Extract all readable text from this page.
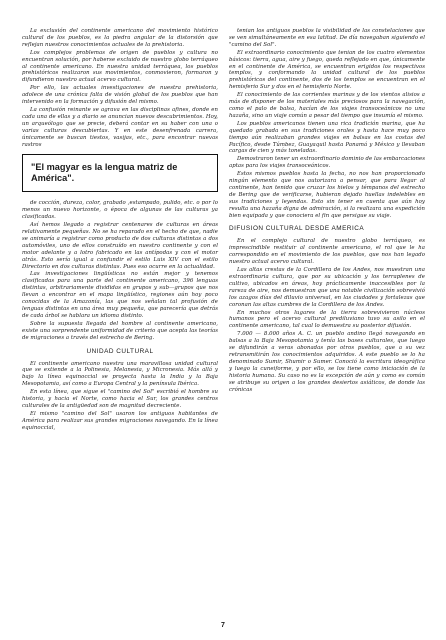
La exclusión del continente americano del movimiento histórico cultural de los pueblos, es la piedra angular de la distorsión que reflejan nuestros conocimientos actuales de la prehistoria.

Los complejos problemas de origen de pueblos y cultura no encuentran solución, por haberse excluido de nuestro globo terráqueo al continente americano. En nuestra unidad terráquea, los pueblos prehistóricos realizaron sus movimientos, conmovieron, formaron y difundieron nuestro actual acervo cultural.

Por ello, las actuales investigaciones de nuestra prehistoria, adolece de una crónica falta de visión global de los pueblos que han intervenido en la formación y difusión del mismo.

La confusión reinante se agrava en las disciplinas afines, donde en cada una de ellas y a diario se anuncian nuevos descubrimientos. Hoy, un arqueólogo que se precie, deberá contar en su haber con una o varias culturas descubiertas. Y en este desenfrenada carrera, únicamente se buscan tiestos, vasijas, etc., para encontrar nuevas rastros

"El magyar es la lengua matriz de América".

de cocción, dureza, color, grabado ,estampado, pulido, etc. o por lo menos un nuevo horizonte, o época de algunas de las culturas ya clasificadas.

Así hemos llegado a registrar centenares de culturas en áreas relativamente pequeñas. No se ha reparado en el hecho de que, nadie se animaría a registrar como producto de dos culturas distintas a dos automóviles, uno de ellos construído en nuestro continente y con el motor adelante y a lotro fabricado en las antípodas y con el motor atrás. Esto sería igual a confundir el estilo Luis XIV con el estilo Directorio en dos culturas distintas. Pues eso ocurre en la actualidad.

Las investigaciones lingüísticas no están mejor y tenemos clasificadas para una parte del continente americano, 396 lenguas distintas, arbitrariamente divididas en grupos y sub—grupos que nos llevan a encontrar en el mapa lingüístico, regiones aún hoy poco conocidas de la Amazonía, las que nos señalan tal profusión de lenguas distintas en una área muy pequeña, que parecería que detrás de cada árbol se hablara un idioma distinto.

Sobre la supuesta llegada del hombre al continente americano, existe una sorprendente uniformidad de criterio que acepta las teorías de migraciones a través del estrecho de Bering.

UNIDAD CULTURAL

El continente americano nuestra una maravillosa unidad cultural que se extiende a la Polinesia, Melanesia, y Micronesia. Más allá y bajo la línea equinoccial se proyecta hasta la India y la Baja Mesopotamia, así como a Europa Central y la península Ibérica.

En esta línea, que sigue el "camino del Sol" escribió el hombre su historia, y hacia el Norte, como hacia el Sur, los grandes centros culturales de la antigüedad son de magnitud decreciente.

El mismo "camino del Sol" usaron los antiguos habitantes de América para realizar sus grandes migraciones navegando. En la línea equinoccial,

tenian los antiguos pueblos la visibilidad de las constelaciones que se ven simultáneamente en esa latitud. De día navegaban siguiendo el "camino del Sol".

El extraordinario conocimiento que tenian de los cuatro elementos básicos: tierra, agua, aire y fuego, queda reflejado en que, únicamente en el continente de América, se encuentran erigidos los respectivos templos, y conformando la unidad cultural de los pueblos prehistóricos del continente, dos de los templos se encuentran en el hemisferio Sur y dos en el hemisferio Norte.

El conocimiento de las corrientes marinas y de los vientos alisios a más de disponer de los materiales más preciosos para la navegación, como el palo de balsa, hacían de los viajes transoceánicos no una hazaña, sino un viaje común a pesar del tiempo que insumía el mismo.

Los pueblos americanos tienen una rica tradición marina, que ha quedado grabada en sus tradiciones orales y hasta hace muy poco tiempo aún realizaban grandes viajes en balsas en las costas del Pacífico, desde Túmbez, Guayaquil hasta Panamá y México y llevaban cargas de cien y más toneladas.

Demostraron tener un extraordinario dominio de las embarcaciones aptas para los viajes transoceánicos.

Estos mismos pueblos hasta la fecha, no nos han proporcionado ningún elemento que nos autorizara a pensar, que para llegar al continente, han tenido que cruzar los hielos y témpanos del estrecho de Bering que de verificarse, hubieran dejado huellas indelebles en sus tradiciones y leyendas. Esto sin tener en cuenta que aún hoy resulta una hazaña digna de admiración, si la realizara una expedición bien equipada y que conociera el fin que persigue su viaje.

DIFUSION CULTURAL DESDE AMERICA

En el complejo cultural de nuestro globo terráqueo, es imprescindible restituir al continente americano, el rol que le ha correspondido en el movimiento de los pueblos, que nos han legado nuestro actual acervo cultural.

Las altas crestas de la Cordillera de los Andes, nos muestran una extraordinaria cultura, que por su ubicación y los terraplenes de cultivo, ubicados en áreas, hoy prácticamente inaccesibles por la rareza de aire, nos demuestran que una notable civilización sobrevivió los azagos días del diluvio universal, en las ciudades y fortalezas que coronan las altas cumbres de la Cordillera de los Andes.

En muchos otros lugares de la tierra sobrevivieron núcleos humanos pero el acervo cultural prediluviano tuvo su asilo en el continente americano, tal cual lo demuestra su posterior difusión.

7.000 — 8.000 años A. C. un pueblo andino llegó navegando en balsas a la Baja Mesopotamia y tenía las bases culturales, que luego se difundirán a veras abonadas por otros pueblos, que a su vez retransmitirán los conocimientos adquiridos. A este pueblo se lo ha denominado Sumir, Shumir o Sumer. Conoció la escritura ideográfica y luego la cuneiforme, y por ello, se los tiene como iniciación de la historia humana. Su caso no es la excepción de aún y como es común se atribuye su origen a los grandes desiertos asiáticos, de donde las crónicas

7
